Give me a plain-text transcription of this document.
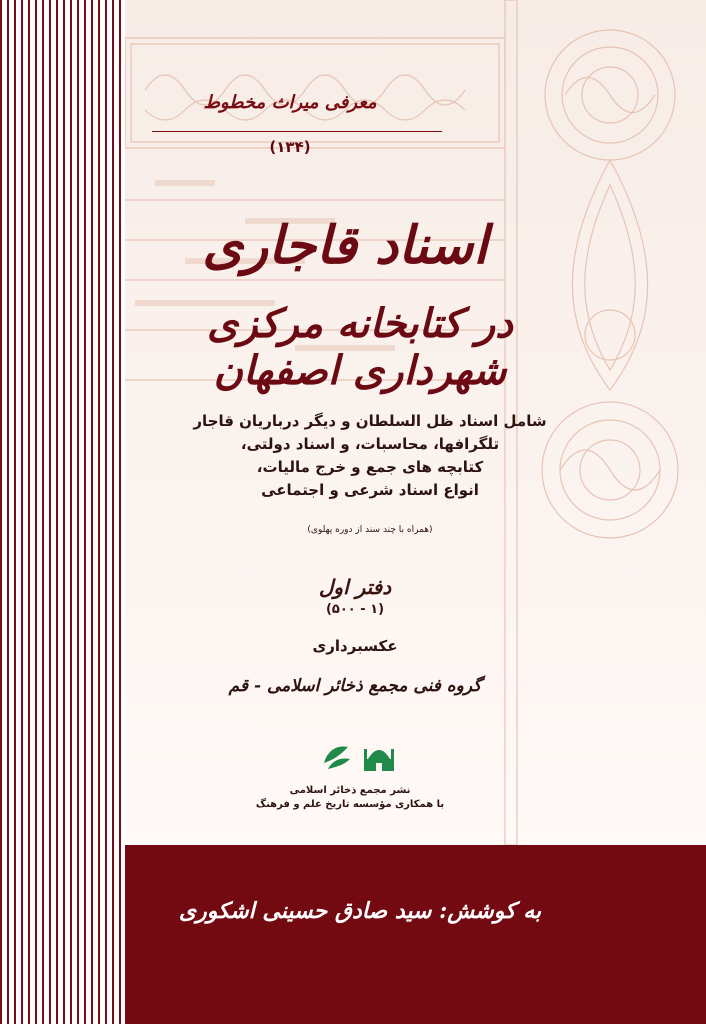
معرفی میراث مخطوط
(۱۳۴)
اسناد قاجاری
در کتابخانه مرکزی شهرداری اصفهان
شامل اسناد ظل السلطان و دیگر درباریان قاجار
تلگرافها، محاسبات، و اسناد دولتی،
کتابچه های جمع و خرج مالیات،
انواع اسناد شرعی و اجتماعی
(همراه با چند سند از دوره پهلوی)
دفتر اول
(۱ - ۵۰۰)
عکسبرداری
گروه فنی مجمع ذخائر اسلامی - قم
نشر مجمع ذخائر اسلامی
با همکاری مؤسسه تاریخ علم و فرهنگ
به کوشش: سید صادق حسینی اشکوری
